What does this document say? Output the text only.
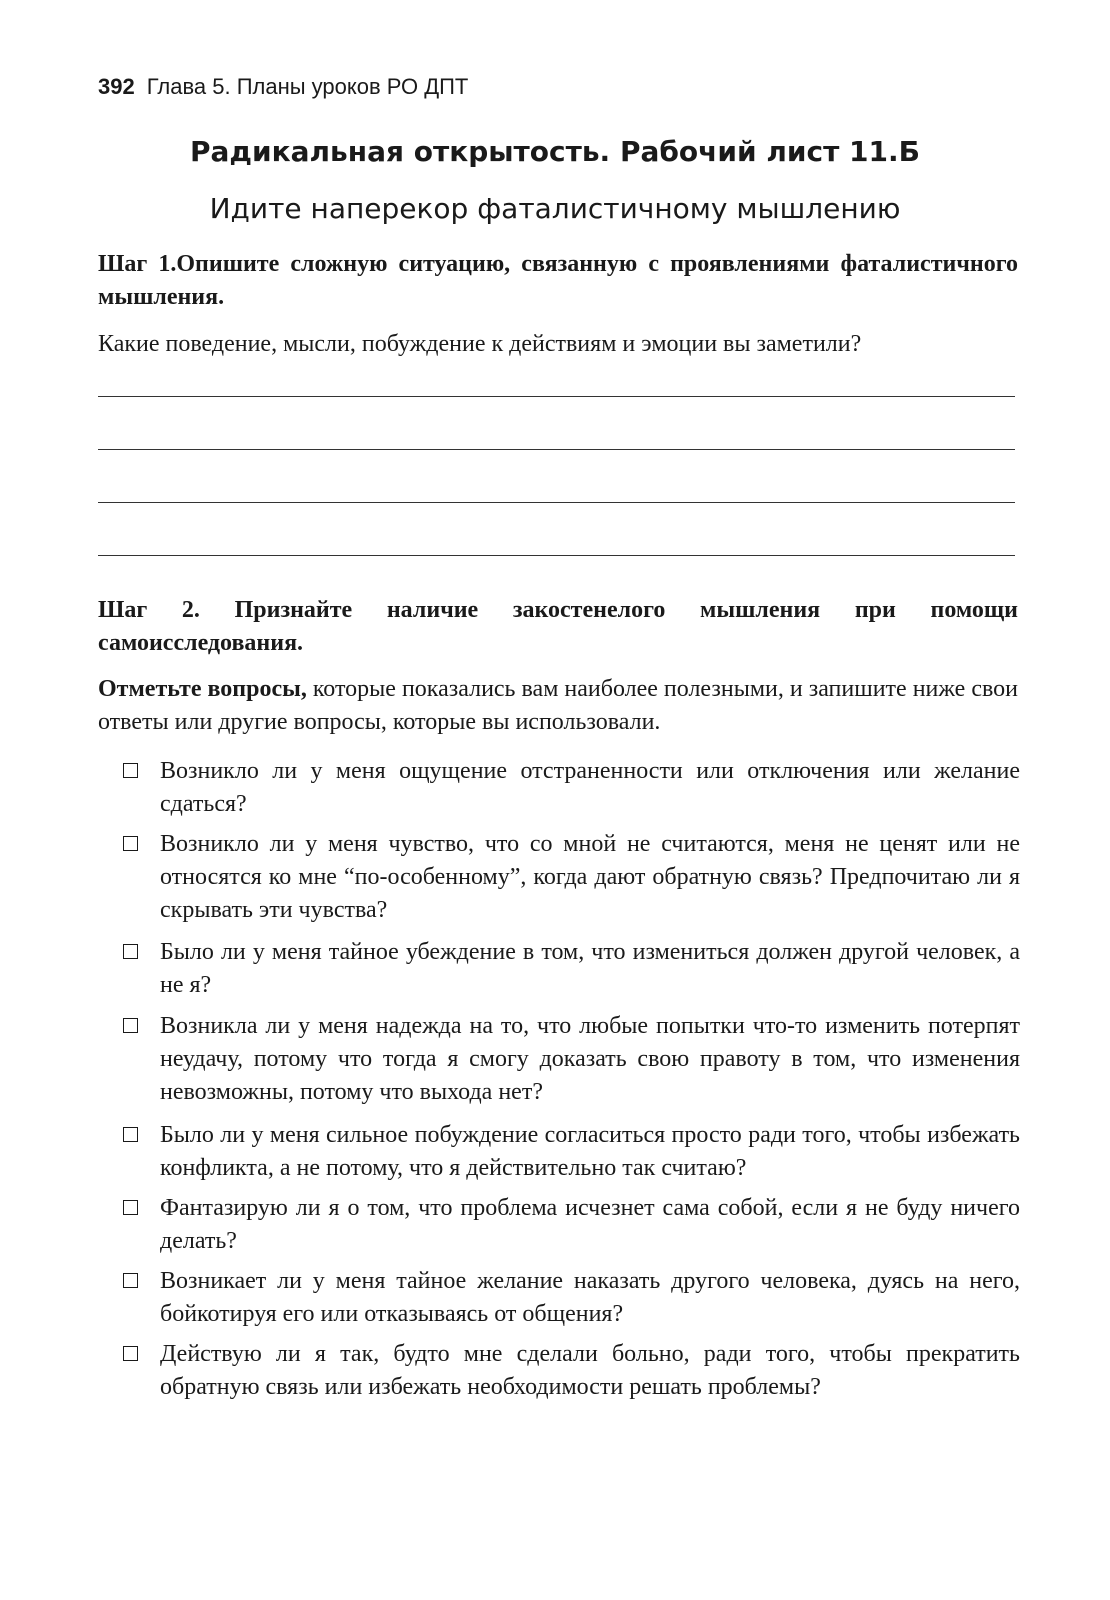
392 Глава 5. Планы уроков РО ДПТ
Радикальная открытость. Рабочий лист 11.Б
Идите наперекор фаталистичному мышлению
Шаг 1.Опишите сложную ситуацию, связанную с проявлениями фаталистичного мышления.
Какие поведение, мысли, побуждение к действиям и эмоции вы заметили?
Шаг 2. Признайте наличие закостенелого мышления при помощи самоисследования.
Отметьте вопросы, которые показались вам наиболее полезными, и запишите ниже свои ответы или другие вопросы, которые вы использовали.
Возникло ли у меня ощущение отстраненности или отключения или желание сдаться?
Возникло ли у меня чувство, что со мной не считаются, меня не ценят или не относятся ко мне “по-особенному”, когда дают обратную связь? Предпочитаю ли я скрывать эти чувства?
Было ли у меня тайное убеждение в том, что измениться должен другой человек, а не я?
Возникла ли у меня надежда на то, что любые попытки что-то изменить потерпят неудачу, потому что тогда я смогу доказать свою правоту в том, что изменения невозможны, потому что выхода нет?
Было ли у меня сильное побуждение согласиться просто ради того, чтобы избежать конфликта, а не потому, что я действительно так считаю?
Фантазирую ли я о том, что проблема исчезнет сама собой, если я не буду ничего делать?
Возникает ли у меня тайное желание наказать другого человека, дуясь на него, бойкотируя его или отказываясь от общения?
Действую ли я так, будто мне сделали больно, ради того, чтобы прекратить обратную связь или избежать необходимости решать проблемы?
